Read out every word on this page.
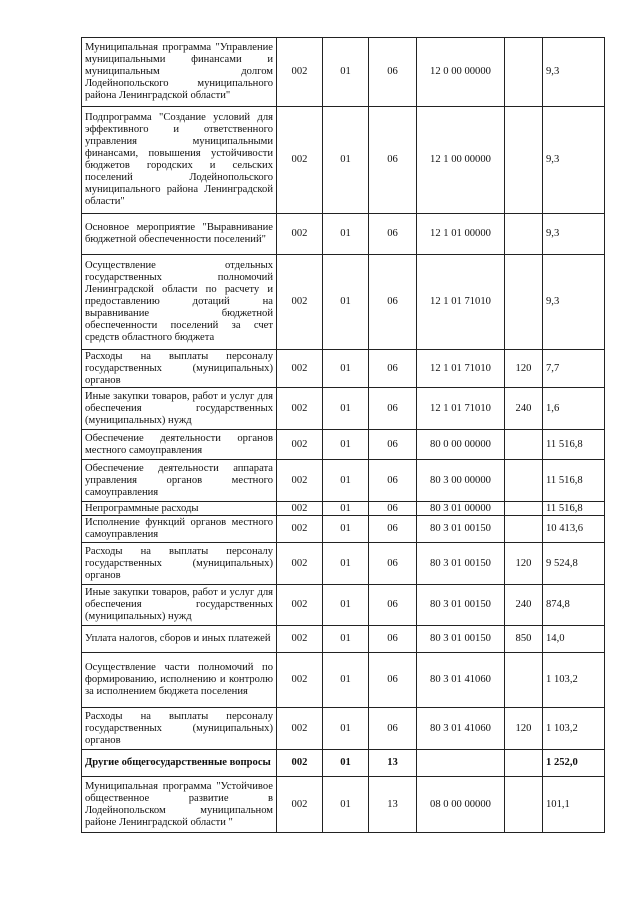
Муниципальная программа "Управление муниципальными финансами и муниципальным долгом Лодейнопольского муниципального района Ленинградской области"	002	01	06	12 0 00 00000		9,3
Подпрограмма "Создание условий для эффективного и ответственного управления муниципальными финансами, повышения устойчивости бюджетов городских и сельских поселений Лодейнопольского муниципального района Ленинградской области"	002	01	06	12 1 00 00000		9,3
Основное мероприятие "Выравнивание бюджетной обеспеченности поселений"	002	01	06	12 1 01 00000		9,3
Осуществление отдельных государственных полномочий Ленинградской области по расчету и предоставлению дотаций на выравнивание бюджетной обеспеченности поселений за счет средств областного бюджета	002	01	06	12 1 01 71010		9,3
Расходы на выплаты персоналу государственных (муниципальных) органов	002	01	06	12 1 01 71010	120	7,7
Иные закупки товаров, работ и услуг для обеспечения государственных (муниципальных) нужд	002	01	06	12 1 01 71010	240	1,6
Обеспечение деятельности органов местного самоуправления	002	01	06	80 0 00 00000		11 516,8
Обеспечение деятельности аппарата управления органов местного самоуправления	002	01	06	80 3 00 00000		11 516,8
Непрограммные расходы	002	01	06	80 3 01 00000		11 516,8
Исполнение функций органов местного самоуправления	002	01	06	80 3 01 00150		10 413,6
Расходы на выплаты персоналу государственных (муниципальных) органов	002	01	06	80 3 01 00150	120	9 524,8
Иные закупки товаров, работ и услуг для обеспечения государственных (муниципальных) нужд	002	01	06	80 3 01 00150	240	874,8
Уплата налогов, сборов и иных платежей	002	01	06	80 3 01 00150	850	14,0
Осуществление части полномочий по формированию, исполнению и контролю за исполнением бюджета поселения	002	01	06	80 3 01 41060		1 103,2
Расходы на выплаты персоналу государственных (муниципальных) органов	002	01	06	80 3 01 41060	120	1 103,2
Другие общегосударственные вопросы	002	01	13			1 252,0
Муниципальная программа "Устойчивое общественное развитие в Лодейнопольском муниципальном районе Ленинградской области "	002	01	13	08 0 00 00000		101,1
